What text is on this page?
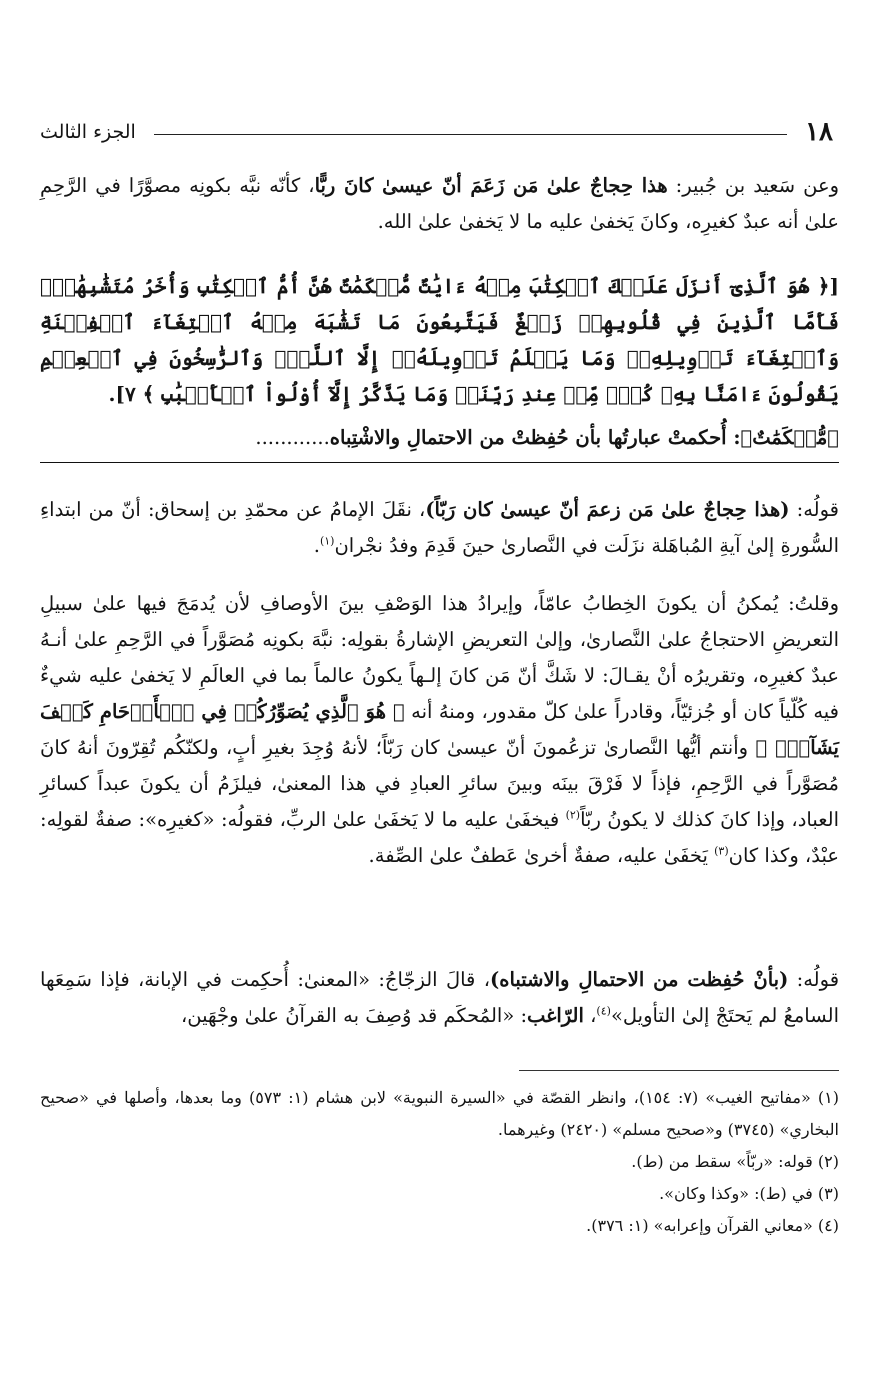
١٨
الجزء الثالث

وعن سَعيد بن جُبير: هذا حِجاجٌ علىٰ مَن زَعَمَ أنّ عيسىٰ كانَ ربًّا، كأنّه نبَّه بكونِه مصوَّرًا في الرَّحِمِ علىٰ أنه عبدٌ كغيرِه، وكانَ يَخفىٰ عليه ما لا يَخفىٰ علىٰ الله.

[﴿ هُوَ ٱلَّذِىٓ أَنزَلَ عَلَيۡكَ ٱلۡكِتَٰبَ مِنۡهُ ءَايَٰتٌ مُّحۡكَمَٰتٌ هُنَّ أُمُّ ٱلۡكِتَٰبِ وَأُخَرُ مُتَشَٰبِهَٰتٌۖ فَأَمَّا ٱلَّذِينَ فِي قُلُوبِهِمۡ زَيۡغٌ فَيَتَّبِعُونَ مَا تَشَٰبَهَ مِنۡهُ ٱبۡتِغَآءَ ٱلۡفِتۡنَةِ وَٱبۡتِغَآءَ تَأۡوِيلِهِۦۖ وَمَا يَعۡلَمُ تَأۡوِيلَهُۥٓ إِلَّا ٱللَّهُۗ وَٱلرَّٰسِخُونَ فِي ٱلۡعِلۡمِ يَقُولُونَ ءَامَنَّا بِهِۦ كُلّٞ مِّنۡ عِندِ رَبِّنَاۗ وَمَا يَذَّكَّرُ إِلَّآ أُوْلُواْ ٱلۡأَلۡبَٰبِ ﴾ ٧].

﴿مُّحۡكَمَٰتٌ﴾: أُحكمتْ عبارتُها بأن حُفِظتْ من الاحتمالِ والاشْتِباه............

قولُه: (هذا حِجاجٌ علىٰ مَن زعمَ أنّ عيسىٰ كان رَبّاً)، نقَلَ الإمامُ عن محمّدِ بن إسحاق: أنّ من ابتداءِ السُّورةِ إلىٰ آيةِ المُباهَلة نزَلَت في النَّصارىٰ حينَ قَدِمَ وفدُ نجْران$^{(١)}$.

وقلتُ: يُمكنُ أن يكونَ الخِطابُ عامّاً، وإيرادُ هذا الوَصْفِ بينَ الأوصافِ لأن يُدمَجَ فيها علىٰ سبيلِ التعريضِ الاحتجاجُ علىٰ النَّصارىٰ، وإلىٰ التعريضِ الإشارةُ بقولِه: نبَّهَ بكونِه مُصَوَّراً في الرَّحِمِ علىٰ أنـهُ عبدٌ كغيرِه، وتقريرُه أنْ يقـالَ: لا شَكَّ أنّ مَن كانَ إلـهاً يكونُ عالماً بما في العالَمِ لا يَخفىٰ عليه شيءٌ فيه كُلّياً كان أو جُزئيّاً، وقادراً علىٰ كلّ مقدور، ومنهُ أنه ﴿ هُوَ ٱلَّذِي يُصَوِّرُكُمۡ فِي ٱلۡأَرۡحَامِ كَيۡفَ يَشَآءُۚ ﴾ وأنتم أيُّها النَّصارىٰ تزعُمونَ أنّ عيسىٰ كان رَبّاً؛ لأنهُ وُجِدَ بغيرِ أبٍ، ولكنّكُم تُقِرّونَ أنهُ كانَ مُصَوَّراً في الرَّحِمِ، فإذاً لا فَرْقَ بينَه وبينَ سائرِ العبادِ في هذا المعنىٰ، فيلزَمُ أن يكونَ عبداً كسائرِ العباد، وإذا كانَ كذلك لا يكونُ ربّاً$^{(٢)}$ فيخفَىٰ عليه ما لا يَخفَىٰ علىٰ الربِّ، فقولُه: «كغيرِه»: صفةٌ لقولِه: عبْدٌ، وكذا كان$^{(٣)}$ يَخفَىٰ عليه، صفةٌ أخرىٰ عَطفٌ علىٰ الصِّفة.

قولُه: (بأنْ حُفِظت من الاحتمالِ والاشتباه)، قالَ الزجّاجُ: «المعنىٰ: أُحكِمت في الإبانة، فإذا سَمِعَها السامعُ لم يَحتَجْ إلىٰ التأويل»$^{(٤)}$، الرّاغب: «المُحكَم قد وُصِفَ به القرآنُ علىٰ وجْهَين،

(١) «مفاتيح الغيب» (٧: ١٥٤)، وانظر القصّة في «السيرة النبوية» لابن هشام (١: ٥٧٣) وما بعدها، وأصلها في «صحيح البخاري» (٣٧٤٥) و«صحيح مسلم» (٢٤٢٠) وغيرهما.

(٢) قوله: «ربّاً» سقط من (ط).

(٣) في (ط): «وكذا وكان».

(٤) «معاني القرآن وإعرابه» (١: ٣٧٦).
